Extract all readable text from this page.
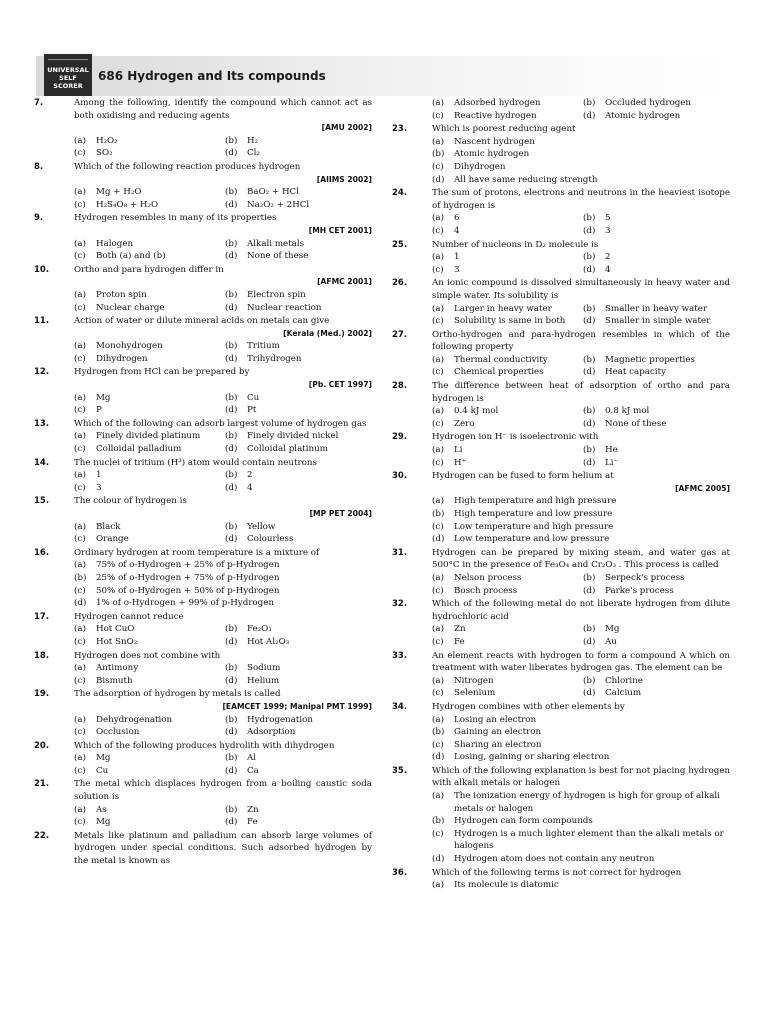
UNIVERSAL
SELF SCORER
686 Hydrogen and Its compounds
7.	Among the following, identify the compound which cannot act as both oxidising and reducing agents
[AMU 2002]
(a)	H₂O₂	(b)	H₂
(c)	SO₂	(d)	Cl₂
8.	Which of the following reaction produces hydrogen
[AIIMS 2002]
(a)	Mg + H₂O	(b)	BaO₂ + HCl
(c)	H₂S₄O₈ + H₂O	(d)	Na₂O₂ + 2HCl
9.	Hydrogen resembles in many of its properties
[MH CET 2001]
(a)	Halogen	(b)	Alkali metals
(c)	Both (a) and (b)	(d)	None of these
10.	Ortho and para hydrogen differ in
[AFMC 2001]
(a)	Proton spin	(b)	Electron spin
(c)	Nuclear charge	(d)	Nuclear reaction
11.	Action of water or dilute mineral acids on metals can give
[Kerala (Med.) 2002]
(a)	Monohydrogen	(b)	Tritium
(c)	Dihydrogen	(d)	Trihydrogen
12.	Hydrogen from HCl can be prepared by
[Pb. CET 1997]
(a)	Mg	(b)	Cu
(c)	P	(d)	Pt
13.	Which of the following can adsorb largest volume of hydrogen gas
(a)	Finely divided platinum	(b)	Finely divided nickel
(c)	Colloidal palladium	(d)	Colloidal platinum
14.	The nuclei of tritium (H³) atom would contain neutrons
(a)	1	(b)	2
(c)	3	(d)	4
15.	The colour of hydrogen is
[MP PET 2004]
(a)	Black	(b)	Yellow
(c)	Orange	(d)	Colourless
16.	Ordinary hydrogen at room temperature is a mixture of
(a)	75% of o-Hydrogen + 25% of p-Hydrogen
(b)	25% of o-Hydrogen + 75% of p-Hydrogen
(c)	50% of o-Hydrogen + 50% of p-Hydrogen
(d)	1% of o-Hydrogen + 99% of p-Hydrogen
17.	Hydrogen cannot reduce
(a)	Hot CuO	(b)	Fe₂O₃
(c)	Hot SnO₂	(d)	Hot Al₂O₃
18.	Hydrogen does not combine with
(a)	Antimony	(b)	Sodium
(c)	Bismuth	(d)	Helium
19.	The adsorption of hydrogen by metals is called
[EAMCET 1999; Manipal PMT 1999]
(a)	Dehydrogenation	(b)	Hydrogenation
(c)	Occlusion	(d)	Adsorption
20.	Which of the following produces hydrolith with dihydrogen
(a)	Mg	(b)	Al
(c)	Cu	(d)	Ca
21.	The metal which displaces hydrogen from a boiling caustic soda solution is
(a)	As	(b)	Zn
(c)	Mg	(d)	Fe
22.	Metals like platinum and palladium can absorb large volumes of hydrogen under special conditions. Such adsorbed hydrogen by the metal is known as
(a)	Adsorbed hydrogen	(b)	Occluded hydrogen
(c)	Reactive hydrogen	(d)	Atomic hydrogen
23.	Which is poorest reducing agent
(a)	Nascent hydrogen
(b)	Atomic hydrogen
(c)	Dihydrogen
(d)	All have same reducing strength
24.	The sum of protons, electrons and neutrons in the heaviest isotope of hydrogen is
(a)	6	(b)	5
(c)	4	(d)	3
25.	Number of nucleons in D₂ molecule is
(a)	1	(b)	2
(c)	3	(d)	4
26.	An ionic compound is dissolved simultaneously in heavy water and simple water. Its solubility is
(a)	Larger in heavy water	(b)	Smaller in heavy water
(c)	Solubility is same in both	(d)	Smaller in simple water
27.	Ortho-hydrogen and para-hydrogen resembles in which of the following property
(a)	Thermal conductivity	(b)	Magnetic properties
(c)	Chemical properties	(d)	Heat capacity
28.	The difference between heat of adsorption of ortho and para hydrogen is
(a)	0.4 kJ mol	(b)	0.8 kJ mol
(c)	Zero	(d)	None of these
29.	Hydrogen ion H⁻ is isoelectronic with
(a)	Li	(b)	He
(c)	H⁺	(d)	Li⁻
30.	Hydrogen can be fused to form helium at
[AFMC 2005]
(a)	High temperature and high pressure
(b)	High temperature and low pressure
(c)	Low temperature and high pressure
(d)	Low temperature and low pressure
31.	Hydrogen can be prepared by mixing steam, and water gas at 500°C in the presence of Fe₃O₄ and Cr₂O₃ . This process is called
(a)	Nelson process	(b)	Serpeck's process
(c)	Bosch process	(d)	Parke's process
32.	Which of the following metal do not liberate hydrogen from dilute hydrochloric acid
(a)	Zn	(b)	Mg
(c)	Fe	(d)	Au
33.	An element reacts with hydrogen to form a compound A which on treatment with water liberates hydrogen gas. The element can be
(a)	Nitrogen	(b)	Chlorine
(c)	Selenium	(d)	Calcium
34.	Hydrogen combines with other elements by
(a)	Losing an electron
(b)	Gaining an electron
(c)	Sharing an electron
(d)	Losing, gaining or sharing electron
35.	Which of the following explanation is best for not placing hydrogen with alkali metals or halogen
(a)	The ionization energy of hydrogen is high for group of alkali metals or halogen
(b)	Hydrogen can form compounds
(c)	Hydrogen is a much lighter element than the alkali metals or halogens
(d)	Hydrogen atom does not contain any neutron
36.	Which of the following terms is not correct for hydrogen
(a)	Its molecule is diatomic
